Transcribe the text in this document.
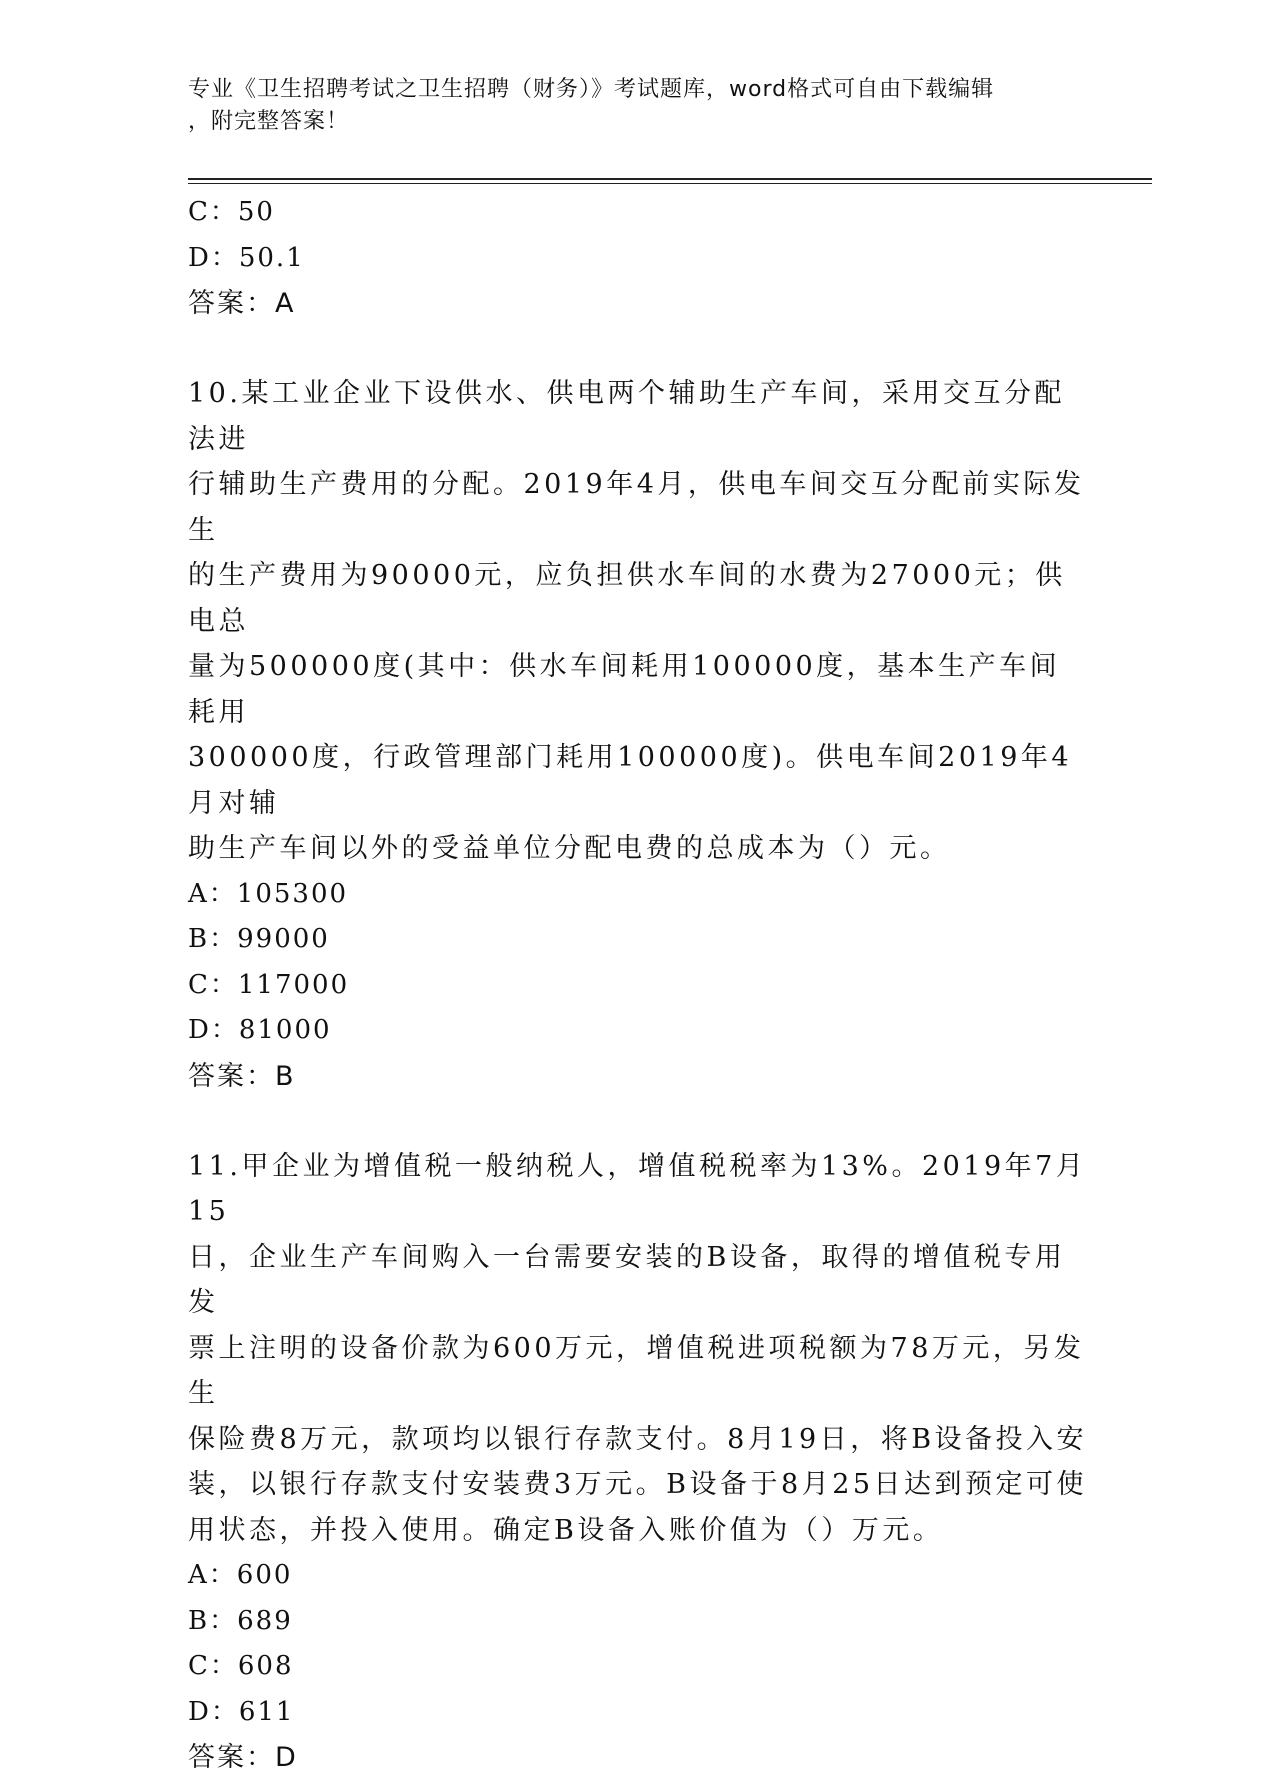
专业《卫生招聘考试之卫生招聘（财务）》考试题库，word格式可自由下载编辑
，附完整答案！
C：50
D：50.1
答案：A
10.某工业企业下设供水、供电两个辅助生产车间，采用交互分配法进
行辅助生产费用的分配。2019年4月，供电车间交互分配前实际发生
的生产费用为90000元，应负担供水车间的水费为27000元；供电总
量为500000度(其中：供水车间耗用100000度，基本生产车间耗用
300000度，行政管理部门耗用100000度)。供电车间2019年4月对辅
助生产车间以外的受益单位分配电费的总成本为（）元。
A：105300
B：99000
C：117000
D：81000
答案：B
11.甲企业为增值税一般纳税人，增值税税率为13%。2019年7月15
日，企业生产车间购入一台需要安装的B设备，取得的增值税专用发
票上注明的设备价款为600万元，增值税进项税额为78万元，另发生
保险费8万元，款项均以银行存款支付。8月19日，将B设备投入安
装，以银行存款支付安装费3万元。B设备于8月25日达到预定可使
用状态，并投入使用。确定B设备入账价值为（）万元。
A：600
B：689
C：608
D：611
答案：D
